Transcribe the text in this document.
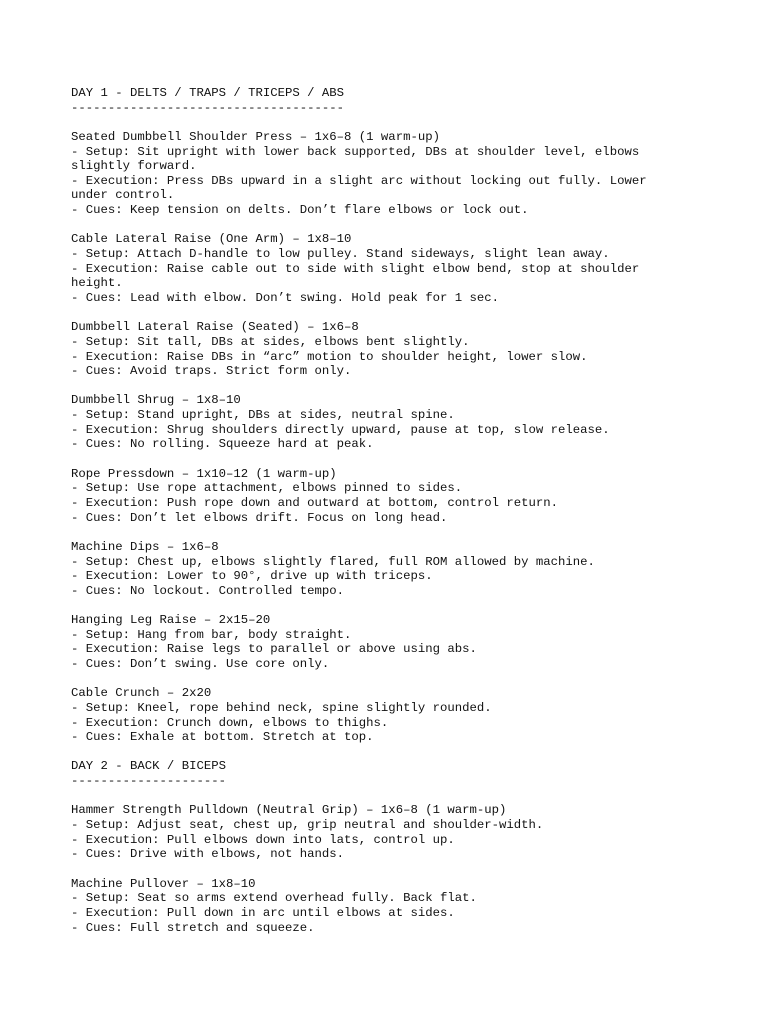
DAY 1 - DELTS / TRAPS / TRICEPS / ABS
-------------------------------------
Seated Dumbbell Shoulder Press – 1x6–8 (1 warm-up)
- Setup: Sit upright with lower back supported, DBs at shoulder level, elbows
slightly forward.
- Execution: Press DBs upward in a slight arc without locking out fully. Lower
under control.
- Cues: Keep tension on delts. Don’t flare elbows or lock out.
Cable Lateral Raise (One Arm) – 1x8–10
- Setup: Attach D-handle to low pulley. Stand sideways, slight lean away.
- Execution: Raise cable out to side with slight elbow bend, stop at shoulder
height.
- Cues: Lead with elbow. Don’t swing. Hold peak for 1 sec.
Dumbbell Lateral Raise (Seated) – 1x6–8
- Setup: Sit tall, DBs at sides, elbows bent slightly.
- Execution: Raise DBs in “arc” motion to shoulder height, lower slow.
- Cues: Avoid traps. Strict form only.
Dumbbell Shrug – 1x8–10
- Setup: Stand upright, DBs at sides, neutral spine.
- Execution: Shrug shoulders directly upward, pause at top, slow release.
- Cues: No rolling. Squeeze hard at peak.
Rope Pressdown – 1x10–12 (1 warm-up)
- Setup: Use rope attachment, elbows pinned to sides.
- Execution: Push rope down and outward at bottom, control return.
- Cues: Don’t let elbows drift. Focus on long head.
Machine Dips – 1x6–8
- Setup: Chest up, elbows slightly flared, full ROM allowed by machine.
- Execution: Lower to 90°, drive up with triceps.
- Cues: No lockout. Controlled tempo.
Hanging Leg Raise – 2x15–20
- Setup: Hang from bar, body straight.
- Execution: Raise legs to parallel or above using abs.
- Cues: Don’t swing. Use core only.
Cable Crunch – 2x20
- Setup: Kneel, rope behind neck, spine slightly rounded.
- Execution: Crunch down, elbows to thighs.
- Cues: Exhale at bottom. Stretch at top.
DAY 2 - BACK / BICEPS
---------------------
Hammer Strength Pulldown (Neutral Grip) – 1x6–8 (1 warm-up)
- Setup: Adjust seat, chest up, grip neutral and shoulder-width.
- Execution: Pull elbows down into lats, control up.
- Cues: Drive with elbows, not hands.
Machine Pullover – 1x8–10
- Setup: Seat so arms extend overhead fully. Back flat.
- Execution: Pull down in arc until elbows at sides.
- Cues: Full stretch and squeeze.
